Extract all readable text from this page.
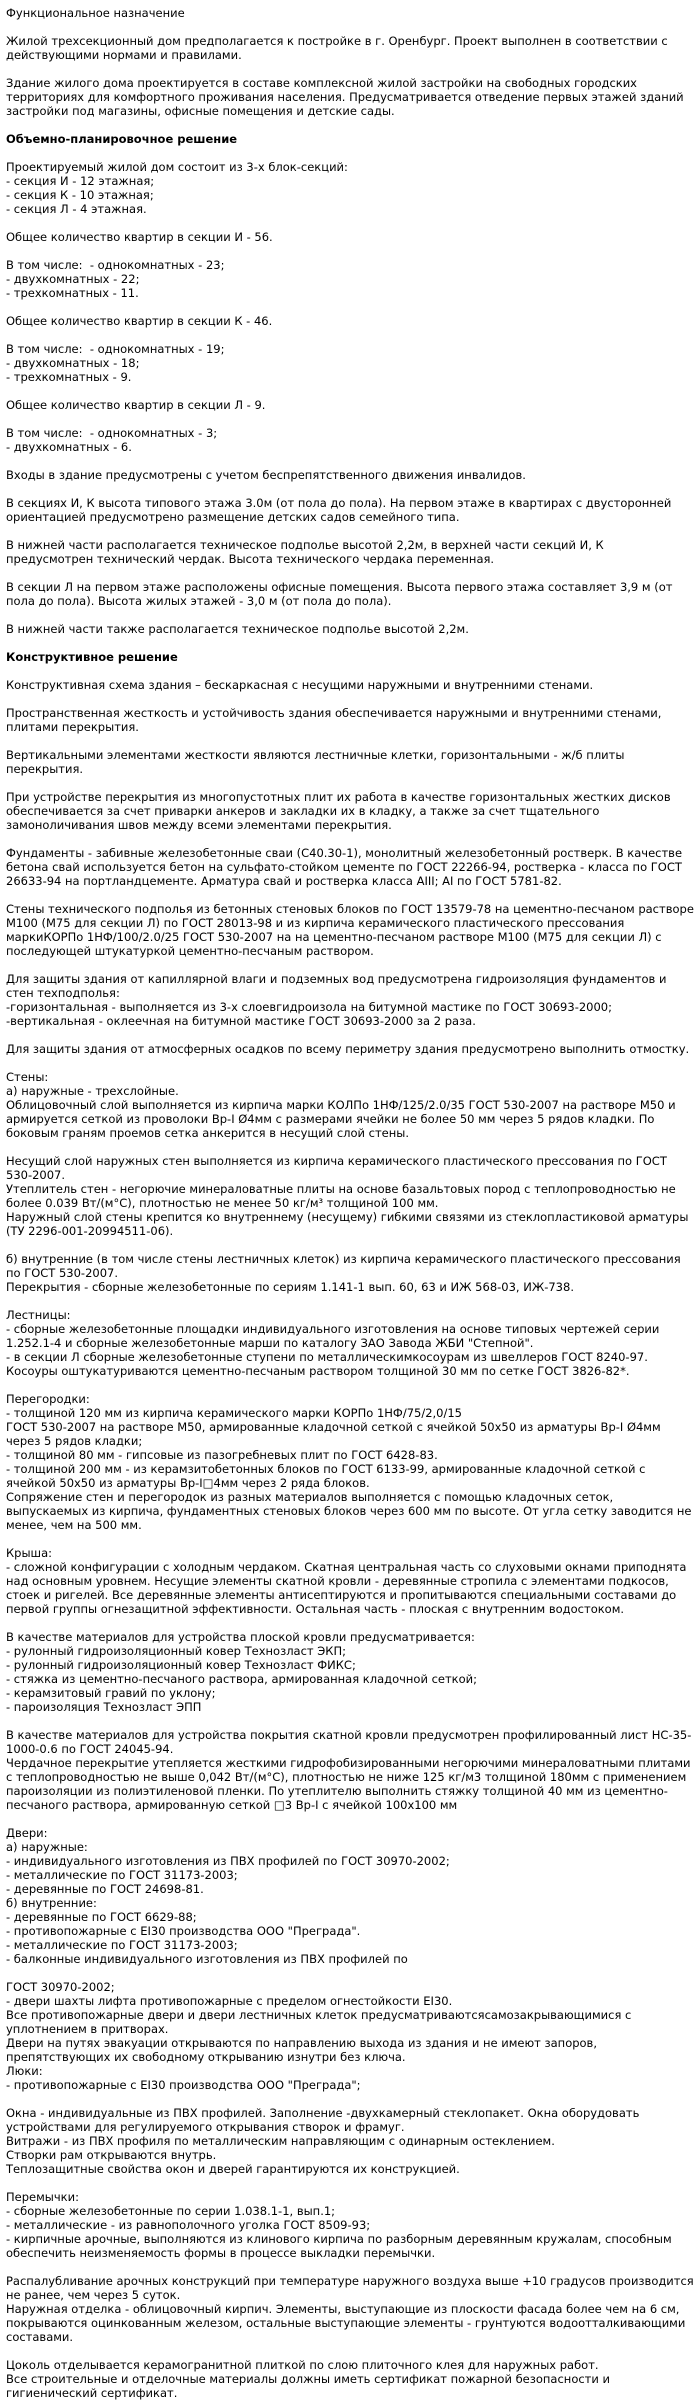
Функциональное назначение
Жилой трехсекционный дом предполагается к постройке в г. Оренбург. Проект выполнен в соответствии с действующими нормами и правилами.
Здание жилого дома проектируется в составе комплексной жилой застройки на свободных городских территориях для комфортного проживания населения. Предусматривается отведение первых этажей зданий застройки под магазины, офисные помещения и детские сады.
Объемно-планировочное решение
Проектируемый жилой дом состоит из 3-х блок-секций:
- секция И - 12 этажная;
- секция К - 10 этажная;
- секция Л - 4 этажная.
Общее количество квартир в секции И - 56.
В том числе:  - однокомнатных - 23;
- двухкомнатных - 22;
- трехкомнатных - 11.
Общее количество квартир в секции К - 46.
В том числе:  - однокомнатных - 19;
- двухкомнатных - 18;
- трехкомнатных - 9.
Общее количество квартир в секции Л - 9.
В том числе:  - однокомнатных - 3;
- двухкомнатных - 6.
Входы в здание предусмотрены с учетом беспрепятственного движения инвалидов.
В секциях И, К высота типового этажа 3.0м (от пола до пола). На первом этаже в квартирах с двусторонней ориентацией предусмотрено размещение детских садов семейного типа.
В нижней части располагается техническое подполье высотой 2,2м, в верхней части секций И, К предусмотрен технический чердак. Высота технического чердака переменная.
В секции Л на первом этаже расположены офисные помещения. Высота первого этажа составляет 3,9 м (от пола до пола). Высота жилых этажей - 3,0 м (от пола до пола).
В нижней части также располагается техническое подполье высотой 2,2м.
Конструктивное решение
Конструктивная схема здания – бескаркасная с несущими наружными и внутренними стенами.
Пространственная жесткость и устойчивость здания обеспечивается наружными и внутренними стенами, плитами перекрытия.
Вертикальными элементами жесткости являются лестничные клетки, горизонтальными - ж/б плиты перекрытия.
При устройстве перекрытия из многопустотных плит их работа в качестве горизонтальных жестких дисков обеспечивается за счет приварки анкеров и закладки их в кладку, а также за счет тщательного замоноличивания швов между всеми элементами перекрытия.
Фундаменты - забивные железобетонные сваи (С40.30-1), монолитный железобетонный ростверк. В качестве бетона свай используется бетон на сульфато-стойком цементе по ГОСТ 22266-94, ростверка - класса по ГОСТ 26633-94 на портландцементе. Арматура свай и ростверка класса АIII; AI по ГОСТ 5781-82.
Стены технического подполья из бетонных стеновых блоков по ГОСТ 13579-78 на цементно-песчаном растворе М100 (М75 для секции Л) по ГОСТ 28013-98 и из кирпича керамического пластического прессования маркиКОРПо 1НФ/100/2.0/25 ГОСТ 530-2007 на на цементно-песчаном растворе М100 (М75 для секции Л) с последующей штукатуркой цементно-песчаным раствором.
Для защиты здания от капиллярной влаги и подземных вод предусмотрена гидроизоляция фундаментов и стен техподполья:
-горизонтальная - выполняется из 3-х слоевгидроизола на битумной мастике по ГОСТ 30693-2000;
-вертикальная - оклеечная на битумной мастике ГОСТ 30693-2000 за 2 раза.
Для защиты здания от атмосферных осадков по всему периметру здания предусмотрено выполнить отмостку.
Стены:
а) наружные - трехслойные.
Облицовочный слой выполняется из кирпича марки КОЛПо 1НФ/125/2.0/35 ГОСТ 530-2007 на растворе М50 и армируется сеткой из проволоки Вр-I Ø4мм с размерами ячейки не более 50 мм через 5 рядов кладки. По боковым граням проемов сетка анкерится в несущий слой стены.
Несущий слой наружных стен выполняется из кирпича керамического пластического прессования по ГОСТ 530-2007.
Утеплитель стен - негорючие минераловатные плиты на основе базальтовых пород с теплопроводностью не более 0.039 Вт/(м°С), плотностью не менее 50 кг/м³ толщиной 100 мм.
Наружный слой стены крепится ко внутреннему (несущему) гибкими связями из стеклопластиковой арматуры (ТУ 2296-001-20994511-06).
б) внутренние (в том числе стены лестничных клеток) из кирпича керамического пластического прессования по ГОСТ 530-2007.
Перекрытия - сборные железобетонные по сериям 1.141-1 вып. 60, 63 и ИЖ 568-03, ИЖ-738.
Лестницы:
- сборные железобетонные площадки индивидуального изготовления на основе типовых чертежей серии 1.252.1-4 и сборные железобетонные марши по каталогу ЗАО Завода ЖБИ "Степной".
- в секции Л сборные железобетонные ступени по металлическимкосоурам из швеллеров ГОСТ 8240-97. Косоуры оштукатуриваются цементно-песчаным раствором толщиной 30 мм по сетке ГОСТ 3826-82*.
Перегородки:
- толщиной 120 мм из кирпича керамического марки КОРПо 1НФ/75/2,0/15
ГОСТ 530-2007 на растворе М50, армированные кладочной сеткой с ячейкой 50х50 из арматуры Вр-I Ø4мм через 5 рядов кладки;
- толщиной 80 мм - гипсовые из пазогребневых плит по ГОСТ 6428-83.
- толщиной 200 мм - из керамзитобетонных блоков по ГОСТ 6133-99, армированные кладочной сеткой с ячейкой 50х50 из арматуры Вр-I□4мм через 2 ряда блоков.
Сопряжение стен и перегородок из разных материалов выполняется с помощью кладочных сеток, выпускаемых из кирпича, фундаментных стеновых блоков через 600 мм по высоте. От угла сетку заводится не менее, чем на 500 мм.
Крыша:
- сложной конфигурации с холодным чердаком. Скатная центральная часть со слуховыми окнами приподнята над основным уровнем. Несущие элементы скатной кровли - деревянные стропила с элементами подкосов, стоек и ригелей. Все деревянные элементы антисептируются и пропитываются специальными составами до первой группы огнезащитной эффективности. Остальная часть - плоская с внутренним водостоком.
В качестве материалов для устройства плоской кровли предусматривается:
- рулонный гидроизоляционный ковер Технозласт ЭКП;
- рулонный гидроизоляционный ковер Технозласт ФИКС;
- стяжка из цементно-песчаного раствора, армированная кладочной сеткой;
- керамзитовый гравий по уклону;
- пароизоляция Технозласт ЭПП
В качестве материалов для устройства покрытия скатной кровли предусмотрен профилированный лист НС-35-1000-0.6 по ГОСТ 24045-94.
Чердачное перекрытие утепляется жесткими гидрофобизированными негорючими минераловатными плитами с теплопроводностью не выше 0,042 Вт/(м°С), плотностью не ниже 125 кг/м3 толщиной 180мм с применением пароизоляции из полиэтиленовой пленки. По утеплителю выполнить стяжку толщиной 40 мм из цементно-песчаного раствора, армированную сеткой □3 Вр-I с ячейкой 100х100 мм
Двери:
а) наружные:
- индивидуального изготовления из ПВХ профилей по ГОСТ 30970-2002;
- металлические по ГОСТ 31173-2003;
- деревянные по ГОСТ 24698-81.
б) внутренние:
- деревянные по ГОСТ 6629-88;
- противопожарные с EI30 производства ООО "Преграда".
- металлические по ГОСТ 31173-2003;
- балконные индивидуального изготовления из ПВХ профилей по
ГОСТ 30970-2002;
- двери шахты лифта противопожарные с пределом огнестойкости EI30.
Все противопожарные двери и двери лестничных клеток предусматриваютсясамозакрывающимися с уплотнением в притворах.
Двери на путях эвакуации открываются по направлению выхода из здания и не имеют запоров, препятствующих их свободному открыванию изнутри без ключа.
Люки:
- противопожарные с EI30 производства ООО "Преграда";
Окна - индивидуальные из ПВХ профилей. Заполнение -двухкамерный стеклопакет. Окна оборудовать устройствами для регулируемого открывания створок и фрамуг.
Витражи - из ПВХ профиля по металлическим направляющим с одинарным остеклением.
Створки рам открываются внутрь.
Теплозащитные свойства окон и дверей гарантируются их конструкцией.
Перемычки:
- сборные железобетонные по серии 1.038.1-1, вып.1;
- металлические - из равнополочного уголка ГОСТ 8509-93;
- кирпичные арочные, выполняются из клинового кирпича по разборным деревянным кружалам, способным обеспечить неизменяемость формы в процессе выкладки перемычки.
Распалубливание арочных конструкций при температуре наружного воздуха выше +10 градусов производится не ранее, чем через 5 суток.
Наружная отделка - облицовочный кирпич. Элементы, выступающие из плоскости фасада более чем на 6 см, покрываются оцинкованным железом, остальные выступающие элементы - грунтуются водоотталкивающими составами.
Цоколь отделывается керамогранитной плиткой по слою плиточного клея для наружных работ.
Все строительные и отделочные материалы должны иметь сертификат пожарной безопасности и гигиенический сертификат.
